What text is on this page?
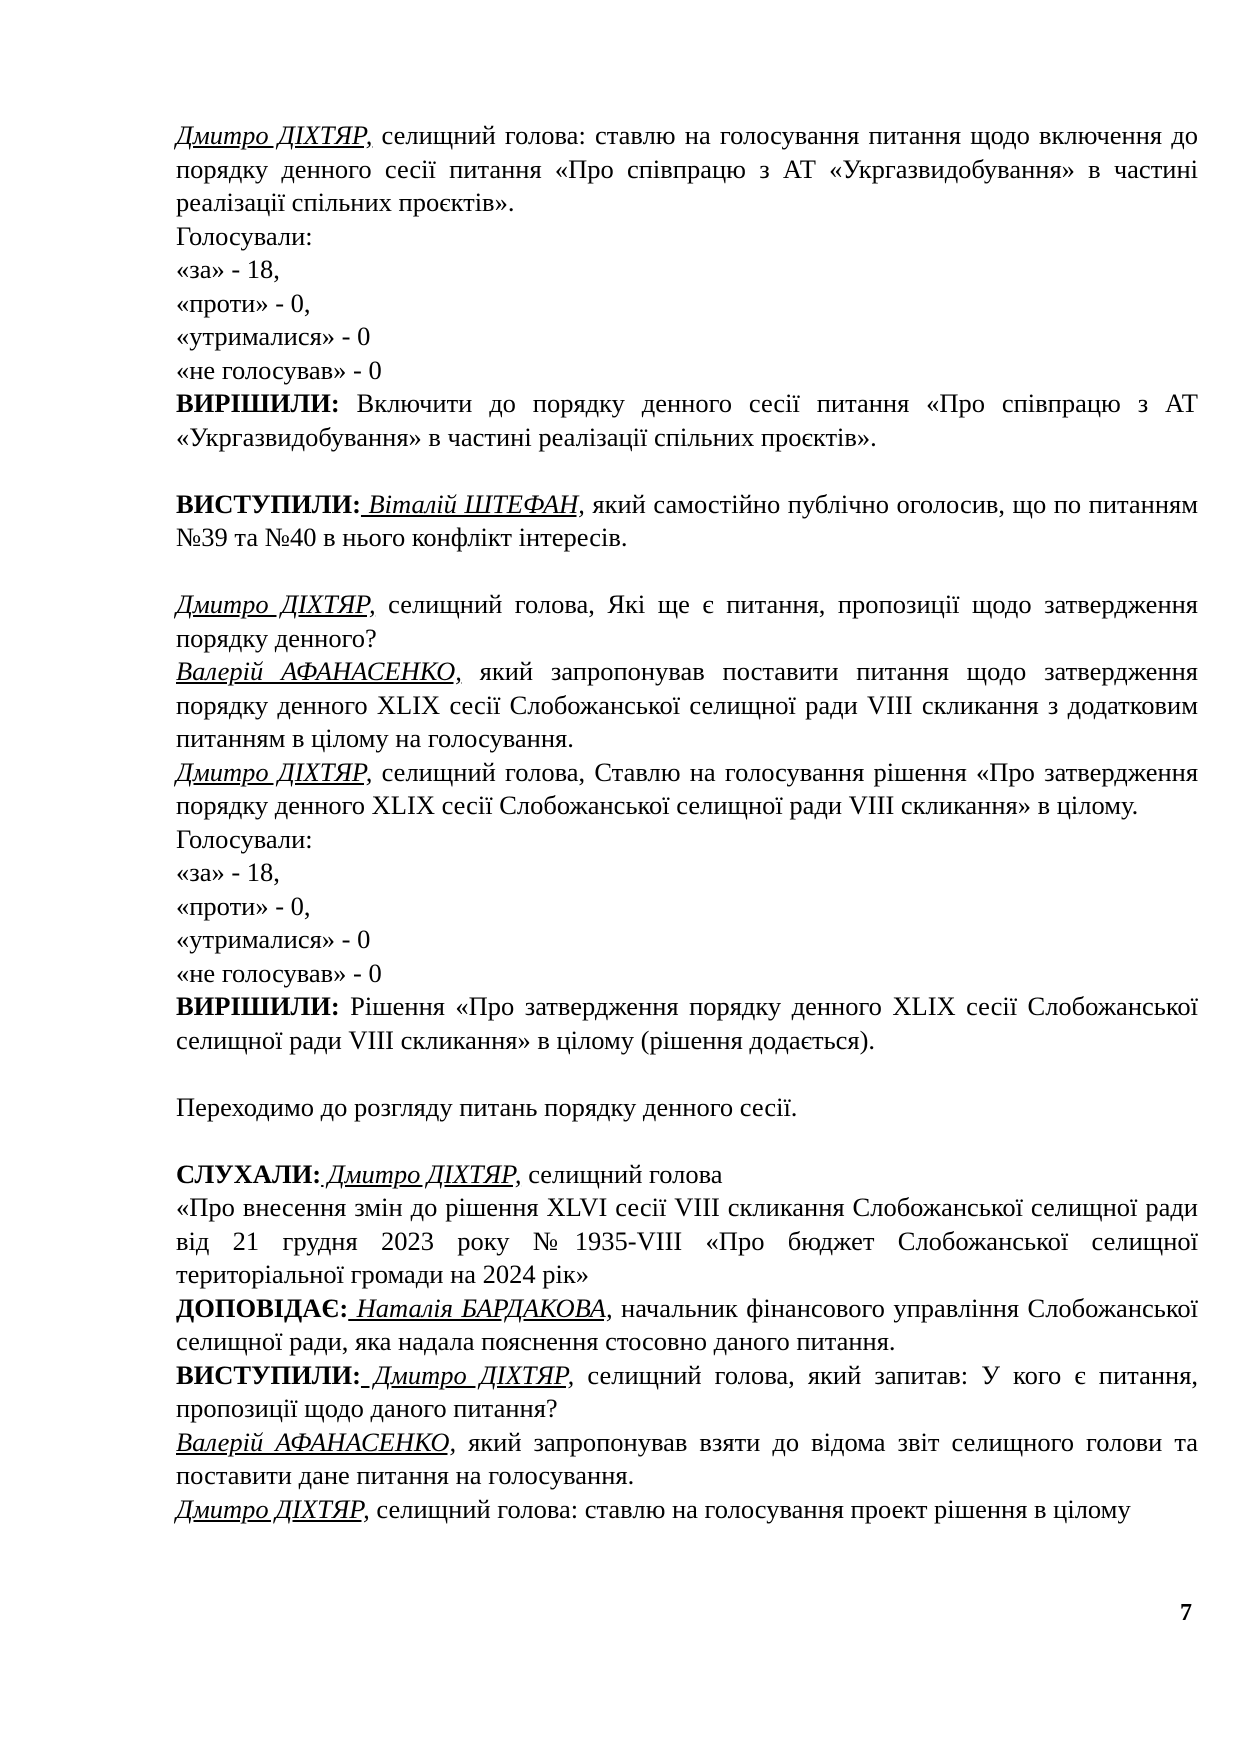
Дмитро ДІХТЯР, селищний голова: ставлю на голосування питання щодо включення до порядку денного сесії питання «Про співпрацю з АТ «Укргазвидобування» в частині реалізації спільних проєктів».

Голосували:

«за» - 18,

«проти» - 0,

«утрималися» - 0

«не голосував» - 0

ВИРІШИЛИ: Включити до порядку денного сесії питання «Про співпрацю з АТ «Укргазвидобування» в частині реалізації спільних проєктів».

ВИСТУПИЛИ: Віталій ШТЕФАН, який самостійно публічно оголосив, що по питанням №39 та №40 в нього конфлікт інтересів.

Дмитро ДІХТЯР, селищний голова, Які ще є питання, пропозиції щодо затвердження порядку денного?

Валерій АФАНАСЕНКО, який запропонував поставити питання щодо затвердження порядку денного XLIX сесії Слобожанської селищної ради VIII скликання з додатковим питанням в цілому на голосування.

Дмитро ДІХТЯР, селищний голова, Ставлю на голосування рішення «Про затвердження порядку денного XLIX сесії Слобожанської селищної ради VIII скликання» в цілому.

Голосували:

«за» - 18,

«проти» - 0,

«утрималися» - 0

«не голосував» - 0

ВИРІШИЛИ: Рішення «Про затвердження порядку денного XLIX сесії Слобожанської селищної ради VIII скликання» в цілому (рішення додається).

Переходимо до розгляду питань порядку денного сесії.

СЛУХАЛИ: Дмитро ДІХТЯР, селищний голова

«Про внесення змін до рішення XLVI сесії VIII скликання Слобожанської селищної ради від 21 грудня 2023 року №1935-VIII «Про бюджет Слобожанської селищної територіальної громади на 2024 рік»

ДОПОВІДАЄ: Наталія БАРДАКОВА, начальник фінансового управління Слобожанської селищної ради, яка надала пояснення стосовно даного питання.

ВИСТУПИЛИ: Дмитро ДІХТЯР, селищний голова, який запитав: У кого є питання, пропозиції щодо даного питання?

Валерій АФАНАСЕНКО, який запропонував взяти до відома звіт селищного голови та поставити дане питання на голосування.

Дмитро ДІХТЯР, селищний голова: ставлю на голосування проект рішення в цілому

7
